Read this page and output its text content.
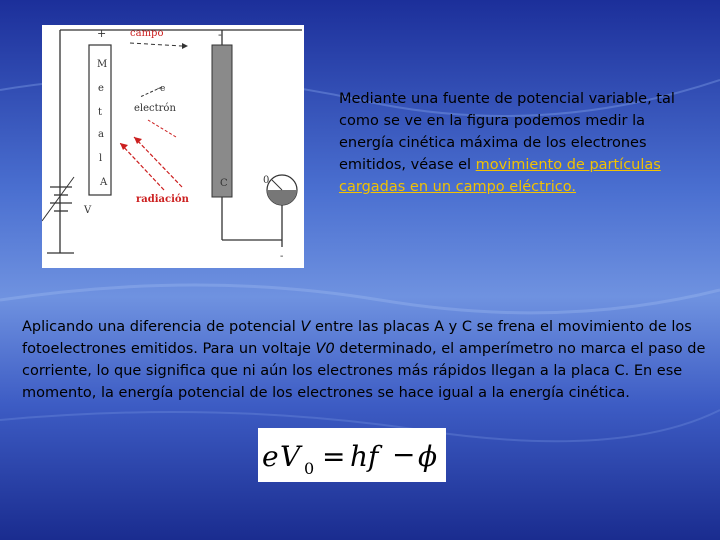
+ campo	-
M
e
t
a
l
-e
electrón
A	C
V
radiación
0
-
Mediante una fuente de potencial variable, tal como se ve en la figura podemos medir la energía cinética máxima de los electrones emitidos, véase el movimiento de partículas cargadas en un campo eléctrico.
Aplicando una diferencia de potencial V entre las placas A y C se frena el movimiento de los fotoelectrones emitidos. Para un voltaje V0 determinado, el amperímetro no marca el paso de corriente, lo que significa que ni aún los electrones más rápidos llegan a la placa C. En ese momento, la energía potencial de los electrones se hace igual a la energía cinética.
e V 0 = hf − ϕ
